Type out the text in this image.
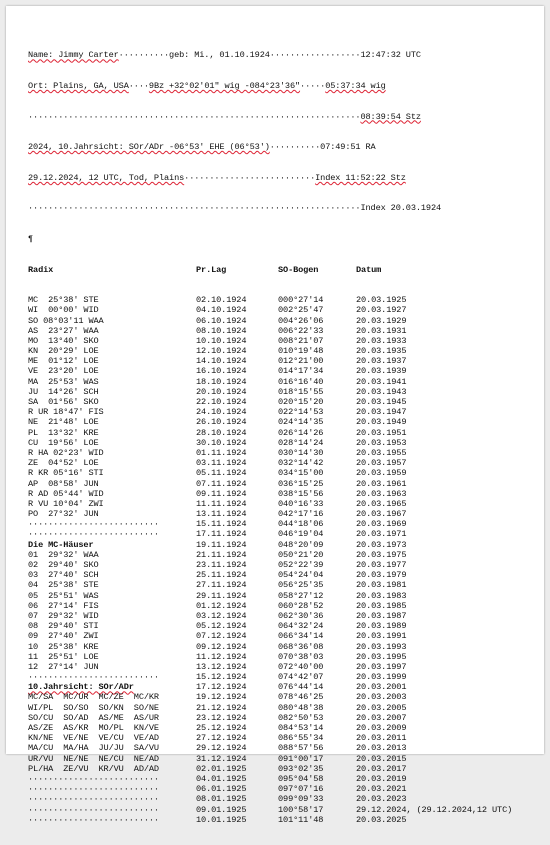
Name: Jimmy Carter··········geb: Mi., 01.10.1924··················12:47:32 UTC

Ort: Plains, GA, USA····9Bz +32°02'01" wig -084°23'36"·····05:37:34 wig

··································································08:39:54 Stz

2024, 10.Jahrsicht: SOr/ADr -06°53' EHE (06°53')··········07:49:51 RA

29.12.2024, 12 UTC, Tod, Plains··························Index 11:52:22 Stz

··································································Index 20.03.1924

¶

Radix	Pr.Lag	SO-Bogen	Datum

MC  25°38' STE	02.10.1924	000°27'14	20.03.1925
WI  00°00' WID	04.10.1924	002°25'47	20.03.1927
SO 08°03'11 WAA	06.10.1924	004°26'06	20.03.1929
AS  23°27' WAA	08.10.1924	006°22'33	20.03.1931
MO  13°40' SKO	10.10.1924	008°21'07	20.03.1933
KN  20°29' LOE	12.10.1924	010°19'48	20.03.1935
ME  01°12' LOE	14.10.1924	012°21'00	20.03.1937
VE  23°20' LOE	16.10.1924	014°17'34	20.03.1939
MA  25°53' WAS	18.10.1924	016°16'40	20.03.1941
JU  14°26' SCH	20.10.1924	018°15'55	20.03.1943
SA  01°56' SKO	22.10.1924	020°15'20	20.03.1945
R UR 18°47' FIS	24.10.1924	022°14'53	20.03.1947
NE  21°48' LOE	26.10.1924	024°14'35	20.03.1949
PL  13°32' KRE	28.10.1924	026°14'26	20.03.1951
CU  19°56' LOE	30.10.1924	028°14'24	20.03.1953
R HA 02°23' WID	01.11.1924	030°14'30	20.03.1955
ZE  04°52' LOE	03.11.1924	032°14'42	20.03.1957
R KR 05°16' STI	05.11.1924	034°15'00	20.03.1959
AP  08°58' JUN	07.11.1924	036°15'25	20.03.1961
R AD 05°44' WID	09.11.1924	038°15'56	20.03.1963
R VU 10°04' ZWI	11.11.1924	040°16'33	20.03.1965
PO  27°32' JUN	13.11.1924	042°17'16	20.03.1967
··························	15.11.1924	044°18'06	20.03.1969
··························	17.11.1924	046°19'04	20.03.1971
Die MC-Häuser	19.11.1924	048°20'09	20.03.1973
01  29°32' WAA	21.11.1924	050°21'20	20.03.1975
02  29°40' SKO	23.11.1924	052°22'39	20.03.1977
03  27°40' SCH	25.11.1924	054°24'04	20.03.1979
04  25°38' STE	27.11.1924	056°25'35	20.03.1981
05  25°51' WAS	29.11.1924	058°27'12	20.03.1983
06  27°14' FIS	01.12.1924	060°28'52	20.03.1985
07  29°32' WID	03.12.1924	062°30'36	20.03.1987
08  29°40' STI	05.12.1924	064°32'24	20.03.1989
09  27°40' ZWI	07.12.1924	066°34'14	20.03.1991
10  25°38' KRE	09.12.1924	068°36'08	20.03.1993
11  25°51' LOE	11.12.1924	070°38'03	20.03.1995
12  27°14' JUN	13.12.1924	072°40'00	20.03.1997
··························	15.12.1924	074°42'07	20.03.1999
10.Jahrsicht: SOr/ADr	17.12.1924	076°44'14	20.03.2001
MC/SA  MC/UR  MC/ZE  MC/KR	19.12.1924	078°46'25	20.03.2003
WI/PL  SO/SO  SO/KN  SO/NE	21.12.1924	080°48'38	20.03.2005
SO/CU  SO/AD  AS/ME  AS/UR	23.12.1924	082°50'53	20.03.2007
AS/ZE  AS/KR  MO/PL  KN/VE	25.12.1924	084°53'14	20.03.2009
KN/NE  VE/NE  VE/CU  VE/AD	27.12.1924	086°55'34	20.03.2011
MA/CU  MA/HA  JU/JU  SA/VU	29.12.1924	088°57'56	20.03.2013
UR/VU  NE/NE  NE/CU  NE/AD	31.12.1924	091°00'17	20.03.2015
PL/HA  ZE/VU  KR/VU  AD/AD	02.01.1925	093°02'35	20.03.2017
··························	04.01.1925	095°04'58	20.03.2019
··························	06.01.1925	097°07'16	20.03.2021
··························	08.01.1925	099°09'33	20.03.2023
··························	09.01.1925	100°58'17	29.12.2024, (29.12.2024,12 UTC)
··························	10.01.1925	101°11'48	20.03.2025
